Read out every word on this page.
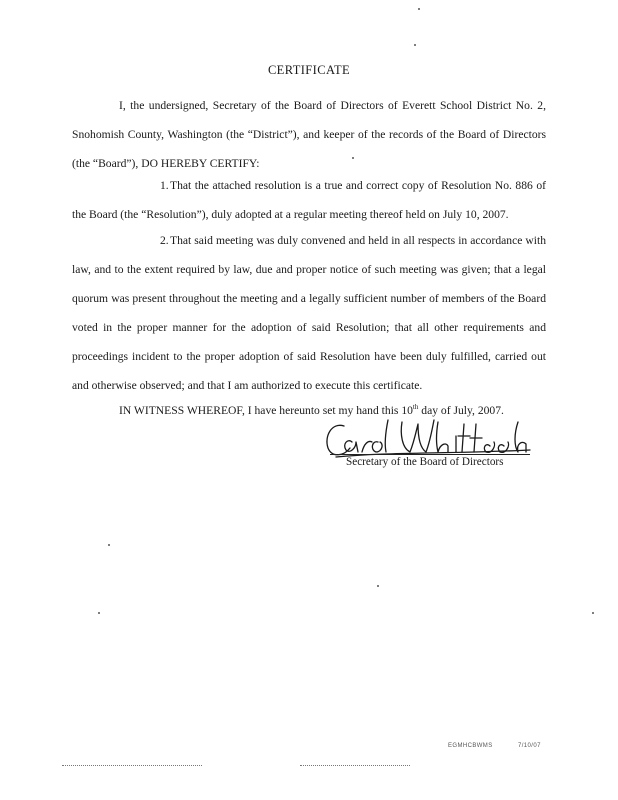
CERTIFICATE

I, the undersigned, Secretary of the Board of Directors of Everett School District No. 2, Snohomish County, Washington (the “District”), and keeper of the records of the Board of Directors (the “Board”), DO HEREBY CERTIFY:

1.That the attached resolution is a true and correct copy of Resolution No. 886 of the Board (the “Resolution”), duly adopted at a regular meeting thereof held on July 10, 2007.

2.That said meeting was duly convened and held in all respects in accordance with law, and to the extent required by law, due and proper notice of such meeting was given; that a legal quorum was present throughout the meeting and a legally sufficient number of members of the Board voted in the proper manner for the adoption of said Resolution; that all other requirements and proceedings incident to the proper adoption of said Resolution have been duly fulfilled, carried out and otherwise observed; and that I am authorized to execute this certificate.

IN WITNESS WHEREOF, I have hereunto set my hand this 10th day of July, 2007.

Secretary of the Board of Directors
EGMHCBWMS	7/10/07
